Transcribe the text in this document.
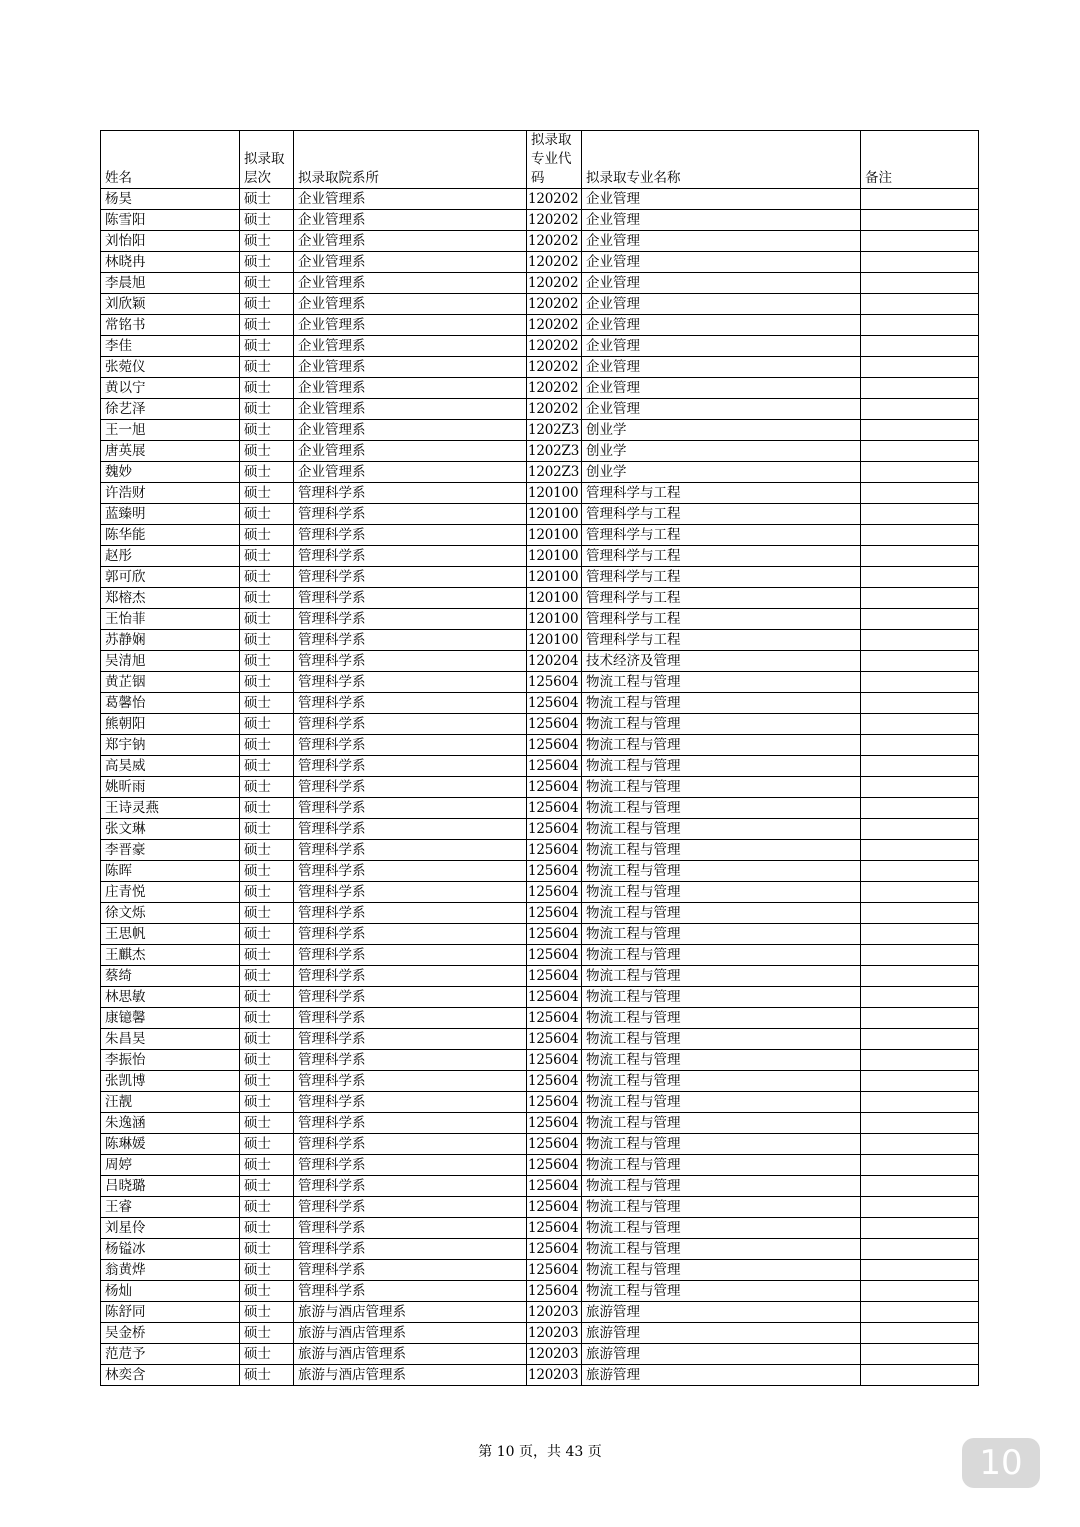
姓名	拟录取层次	拟录取院系所	拟录取专业代码	拟录取专业名称	备注
杨昊	硕士	企业管理系	120202	企业管理	
陈雪阳	硕士	企业管理系	120202	企业管理	
刘怡阳	硕士	企业管理系	120202	企业管理	
林晓冉	硕士	企业管理系	120202	企业管理	
李晨旭	硕士	企业管理系	120202	企业管理	
刘欣颖	硕士	企业管理系	120202	企业管理	
常铭书	硕士	企业管理系	120202	企业管理	
李佳	硕士	企业管理系	120202	企业管理	
张菀仪	硕士	企业管理系	120202	企业管理	
黄以宁	硕士	企业管理系	120202	企业管理	
徐艺泽	硕士	企业管理系	120202	企业管理	
王一旭	硕士	企业管理系	1202Z3	创业学	
唐英展	硕士	企业管理系	1202Z3	创业学	
魏妙	硕士	企业管理系	1202Z3	创业学	
许浩财	硕士	管理科学系	120100	管理科学与工程	
蓝臻明	硕士	管理科学系	120100	管理科学与工程	
陈华能	硕士	管理科学系	120100	管理科学与工程	
赵彤	硕士	管理科学系	120100	管理科学与工程	
郭可欣	硕士	管理科学系	120100	管理科学与工程	
郑榕杰	硕士	管理科学系	120100	管理科学与工程	
王怡菲	硕士	管理科学系	120100	管理科学与工程	
苏静娴	硕士	管理科学系	120100	管理科学与工程	
吴清旭	硕士	管理科学系	120204	技术经济及管理	
黄芷铟	硕士	管理科学系	125604	物流工程与管理	
葛馨怡	硕士	管理科学系	125604	物流工程与管理	
熊朝阳	硕士	管理科学系	125604	物流工程与管理	
郑宇钠	硕士	管理科学系	125604	物流工程与管理	
高昊威	硕士	管理科学系	125604	物流工程与管理	
姚昕雨	硕士	管理科学系	125604	物流工程与管理	
王诗灵燕	硕士	管理科学系	125604	物流工程与管理	
张文琳	硕士	管理科学系	125604	物流工程与管理	
李晋豪	硕士	管理科学系	125604	物流工程与管理	
陈晖	硕士	管理科学系	125604	物流工程与管理	
庄青悦	硕士	管理科学系	125604	物流工程与管理	
徐文烁	硕士	管理科学系	125604	物流工程与管理	
王思帆	硕士	管理科学系	125604	物流工程与管理	
王麒杰	硕士	管理科学系	125604	物流工程与管理	
蔡绮	硕士	管理科学系	125604	物流工程与管理	
林思敏	硕士	管理科学系	125604	物流工程与管理	
康镱馨	硕士	管理科学系	125604	物流工程与管理	
朱昌昊	硕士	管理科学系	125604	物流工程与管理	
李振怡	硕士	管理科学系	125604	物流工程与管理	
张凯博	硕士	管理科学系	125604	物流工程与管理	
汪靓	硕士	管理科学系	125604	物流工程与管理	
朱逸涵	硕士	管理科学系	125604	物流工程与管理	
陈琳媛	硕士	管理科学系	125604	物流工程与管理	
周婷	硕士	管理科学系	125604	物流工程与管理	
吕晓璐	硕士	管理科学系	125604	物流工程与管理	
王睿	硕士	管理科学系	125604	物流工程与管理	
刘星伶	硕士	管理科学系	125604	物流工程与管理	
杨镒冰	硕士	管理科学系	125604	物流工程与管理	
翁黄烨	硕士	管理科学系	125604	物流工程与管理	
杨灿	硕士	管理科学系	125604	物流工程与管理	
陈舒同	硕士	旅游与酒店管理系	120203	旅游管理	
吴金桥	硕士	旅游与酒店管理系	120203	旅游管理	
范苊予	硕士	旅游与酒店管理系	120203	旅游管理	
林奕含	硕士	旅游与酒店管理系	120203	旅游管理	
第 10 页，共 43 页	10
